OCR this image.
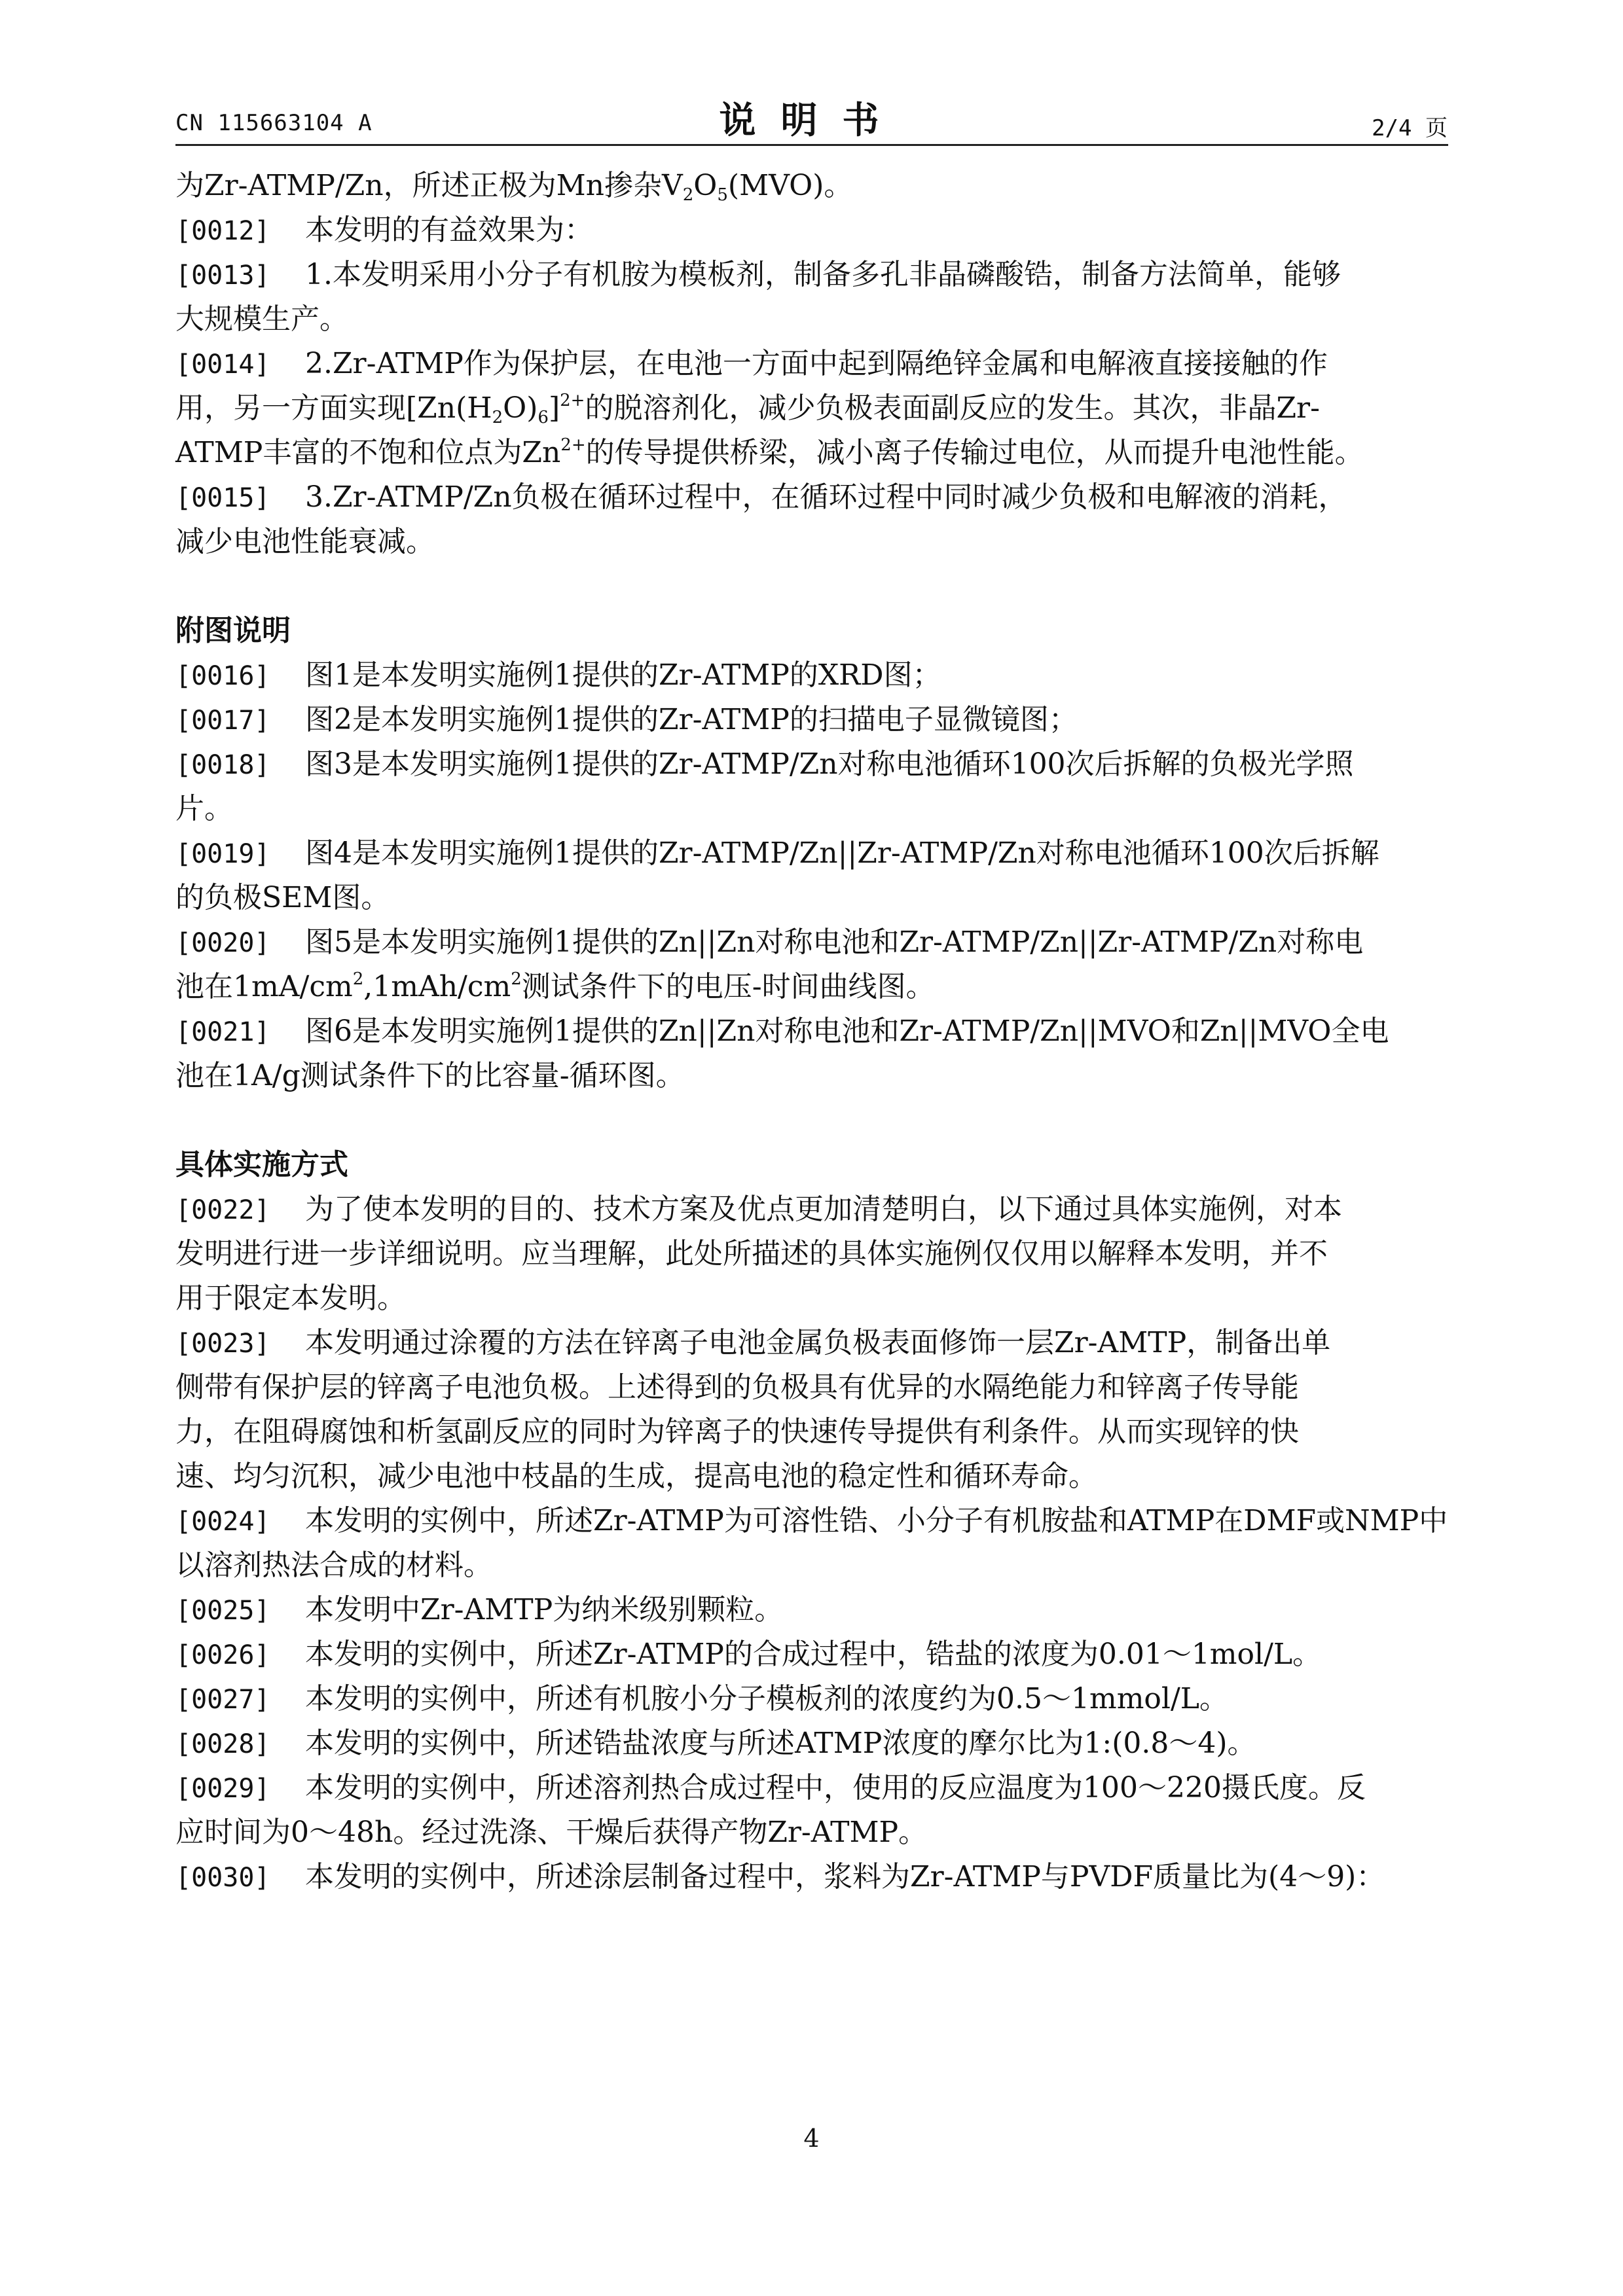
CN 115663104 A	说明书	2/4 页
为Zr-ATMP/Zn，所述正极为Mn掺杂$V_2O_5(MVO)$。
[0012] 本发明的有益效果为：
[0013] 1.本发明采用小分子有机胺为模板剂，制备多孔非晶磷酸锆，制备方法简单，能够
大规模生产。
[0014] 2.Zr-ATMP作为保护层，在电池一方面中起到隔绝锌金属和电解液直接接触的作
用，另一方面实现$[Zn(H_2O)_6]^{2+}$的脱溶剂化，减少负极表面副反应的发生。其次，非晶Zr-
ATMP丰富的不饱和位点为$Zn^{2+}$的传导提供桥梁，减小离子传输过电位，从而提升电池性能。
[0015] 3.Zr-ATMP/Zn负极在循环过程中，在循环过程中同时减少负极和电解液的消耗，
减少电池性能衰减。
附图说明
[0016] 图1是本发明实施例1提供的Zr-ATMP的XRD图；
[0017] 图2是本发明实施例1提供的Zr-ATMP的扫描电子显微镜图；
[0018] 图3是本发明实施例1提供的Zr-ATMP/Zn对称电池循环100次后拆解的负极光学照
片。
[0019] 图4是本发明实施例1提供的Zr-ATMP/Zn||Zr-ATMP/Zn对称电池循环100次后拆解
的负极SEM图。
[0020] 图5是本发明实施例1提供的Zn||Zn对称电池和Zr-ATMP/Zn||Zr-ATMP/Zn对称电
池在$1mA/cm^2,1mAh/cm^2$测试条件下的电压-时间曲线图。
[0021] 图6是本发明实施例1提供的Zn||Zn对称电池和Zr-ATMP/Zn||MVO和Zn||MVO全电
池在1A/g测试条件下的比容量-循环图。
具体实施方式
[0022] 为了使本发明的目的、技术方案及优点更加清楚明白，以下通过具体实施例，对本
发明进行进一步详细说明。应当理解，此处所描述的具体实施例仅仅用以解释本发明，并不
用于限定本发明。
[0023] 本发明通过涂覆的方法在锌离子电池金属负极表面修饰一层Zr-AMTP，制备出单
侧带有保护层的锌离子电池负极。上述得到的负极具有优异的水隔绝能力和锌离子传导能
力，在阻碍腐蚀和析氢副反应的同时为锌离子的快速传导提供有利条件。从而实现锌的快
速、均匀沉积，减少电池中枝晶的生成，提高电池的稳定性和循环寿命。
[0024] 本发明的实例中，所述Zr-ATMP为可溶性锆、小分子有机胺盐和ATMP在DMF或NMP中
以溶剂热法合成的材料。
[0025] 本发明中Zr-AMTP为纳米级别颗粒。
[0026] 本发明的实例中，所述Zr-ATMP的合成过程中，锆盐的浓度为0.01～1mol/L。
[0027] 本发明的实例中，所述有机胺小分子模板剂的浓度约为0.5～1mmol/L。
[0028] 本发明的实例中，所述锆盐浓度与所述ATMP浓度的摩尔比为1:(0.8～4)。
[0029] 本发明的实例中，所述溶剂热合成过程中，使用的反应温度为100～220摄氏度。反
应时间为0～48h。经过洗涤、干燥后获得产物Zr-ATMP。
[0030] 本发明的实例中，所述涂层制备过程中，浆料为Zr-ATMP与PVDF质量比为(4～9)：
4
